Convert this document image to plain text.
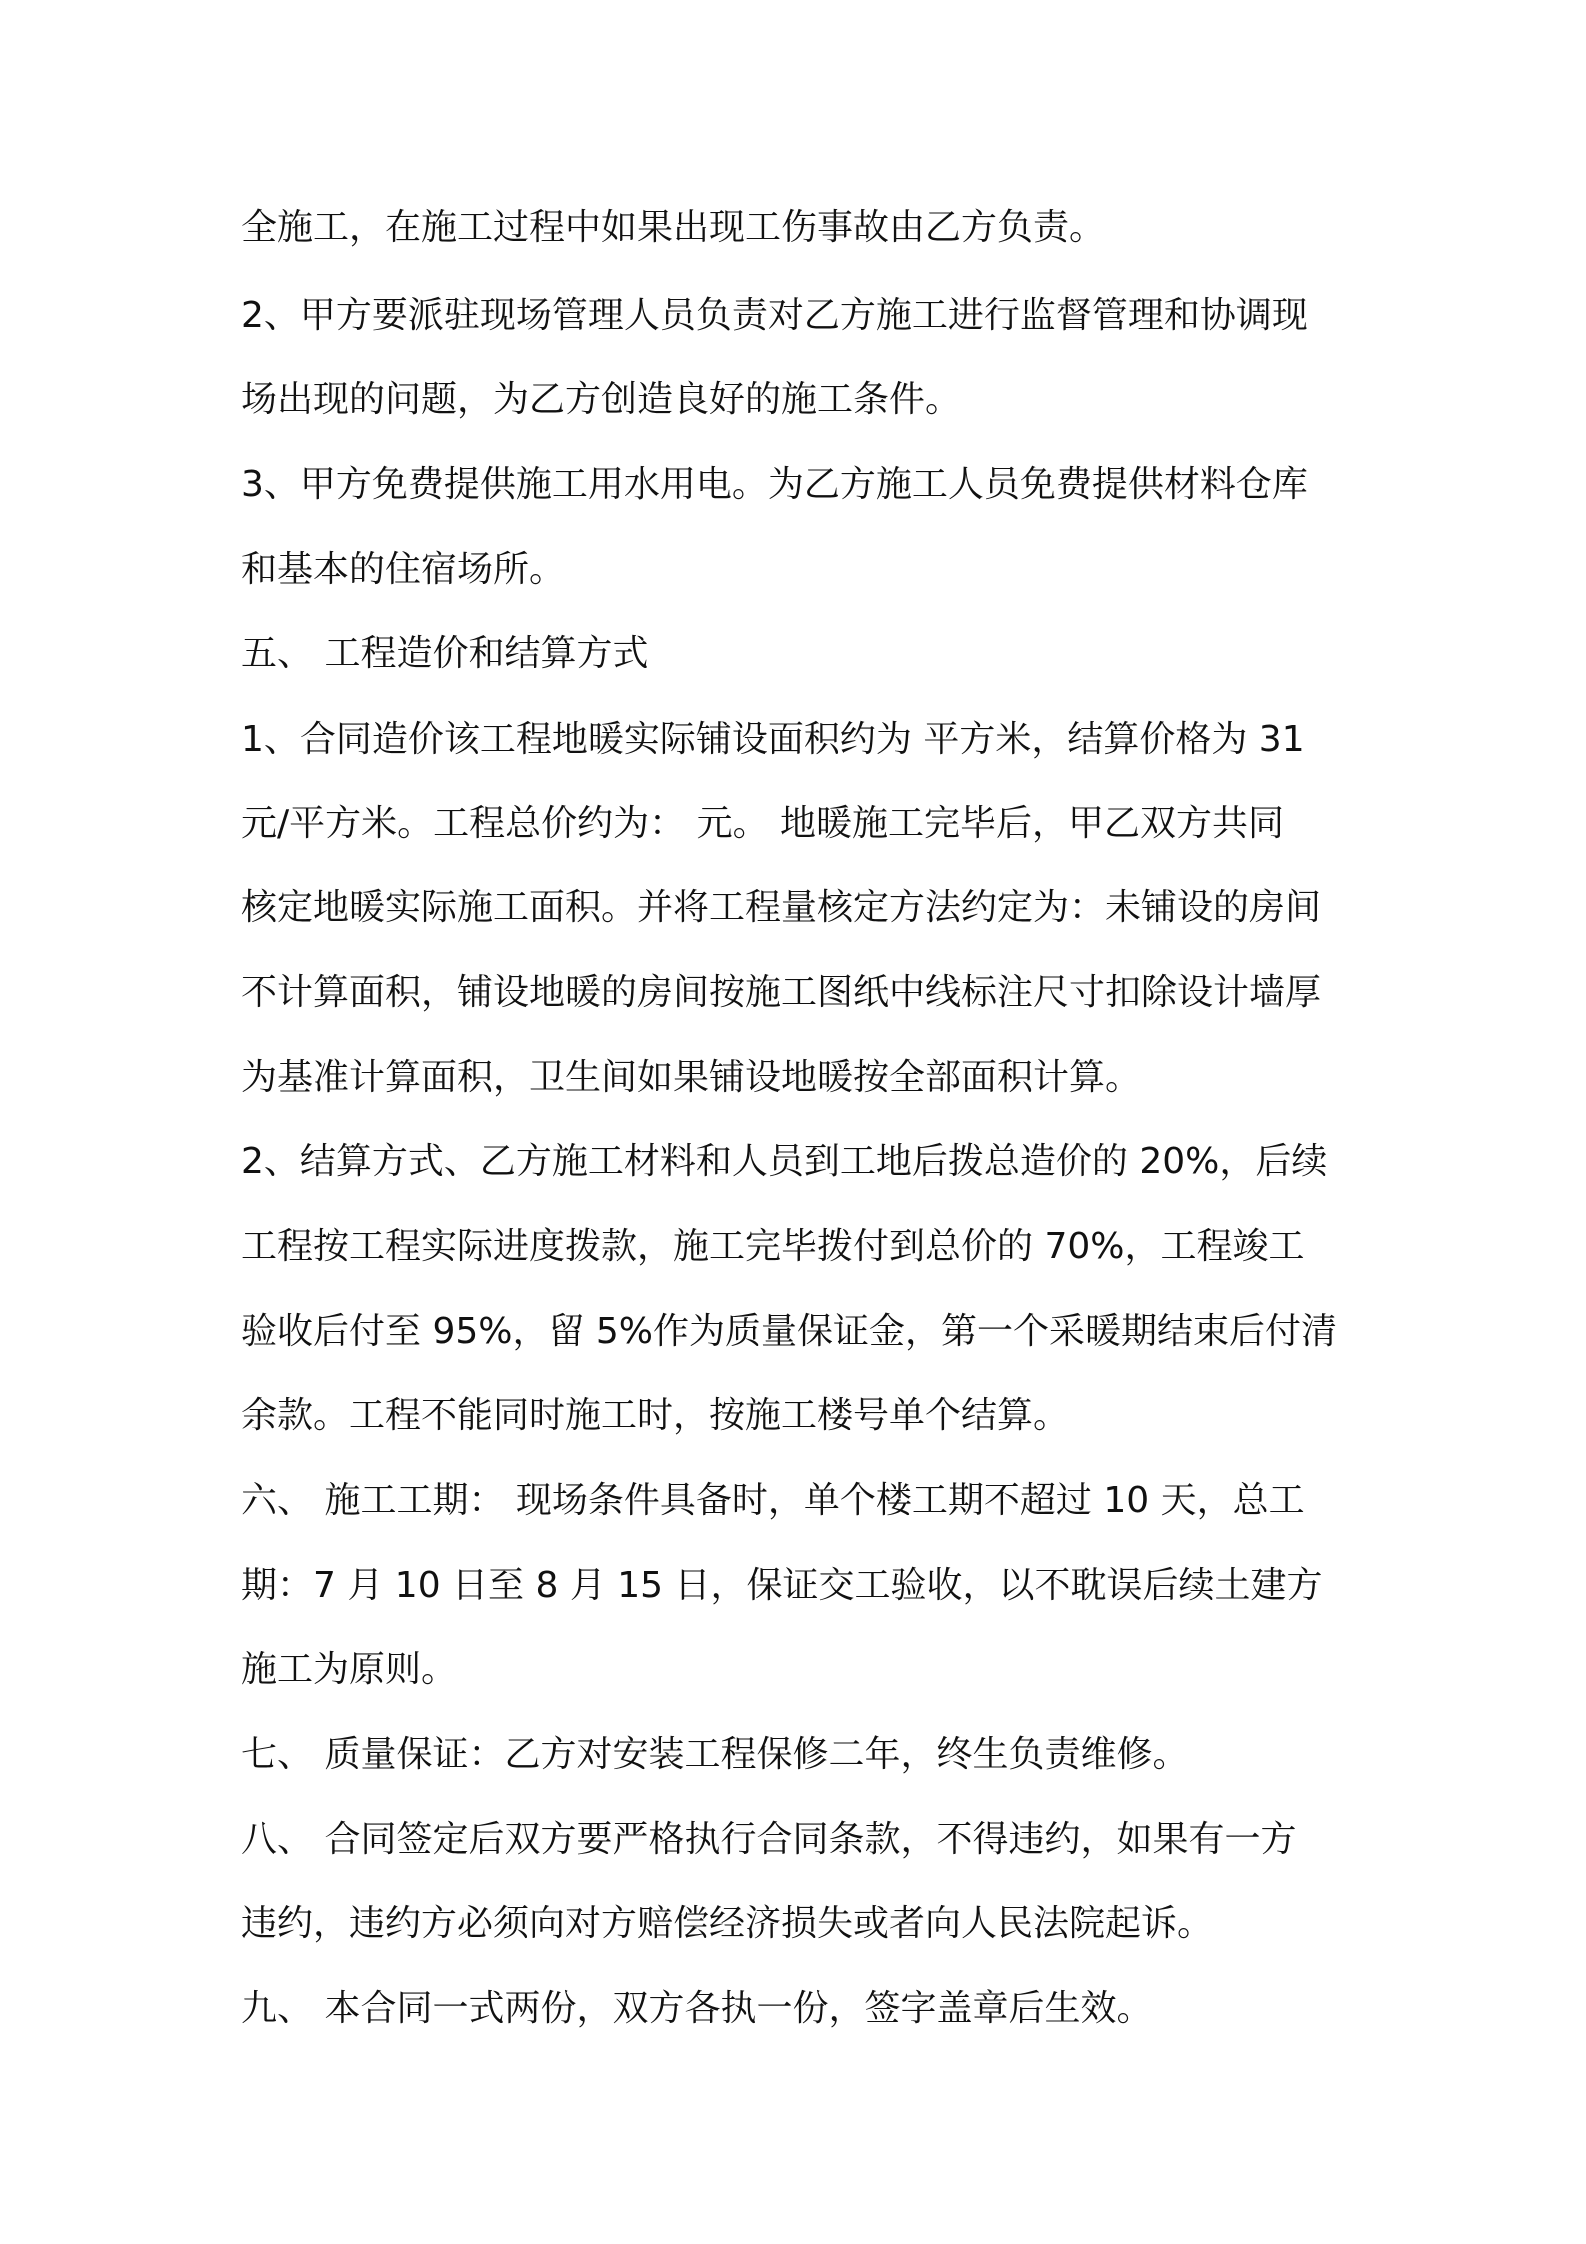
全施工，在施工过程中如果出现工伤事故由乙方负责。
2、甲方要派驻现场管理人员负责对乙方施工进行监督管理和协调现
场出现的问题，为乙方创造良好的施工条件。
3、甲方免费提供施工用水用电。为乙方施工人员免费提供材料仓库
和基本的住宿场所。
五、 工程造价和结算方式
1、合同造价该工程地暖实际铺设面积约为 平方米，结算价格为 31
元/平方米。工程总价约为： 元。 地暖施工完毕后，甲乙双方共同
核定地暖实际施工面积。并将工程量核定方法约定为：未铺设的房间
不计算面积，铺设地暖的房间按施工图纸中线标注尺寸扣除设计墙厚
为基准计算面积，卫生间如果铺设地暖按全部面积计算。
2、结算方式、乙方施工材料和人员到工地后拨总造价的 20%，后续
工程按工程实际进度拨款，施工完毕拨付到总价的 70%，工程竣工
验收后付至 95%，留 5%作为质量保证金，第一个采暖期结束后付清
余款。工程不能同时施工时，按施工楼号单个结算。
六、 施工工期： 现场条件具备时，单个楼工期不超过 10 天，总工
期：7 月 10 日至 8 月 15 日，保证交工验收，以不耽误后续土建方
施工为原则。
七、 质量保证：乙方对安装工程保修二年，终生负责维修。
八、 合同签定后双方要严格执行合同条款，不得违约，如果有一方
违约，违约方必须向对方赔偿经济损失或者向人民法院起诉。
九、 本合同一式两份，双方各执一份，签字盖章后生效。
